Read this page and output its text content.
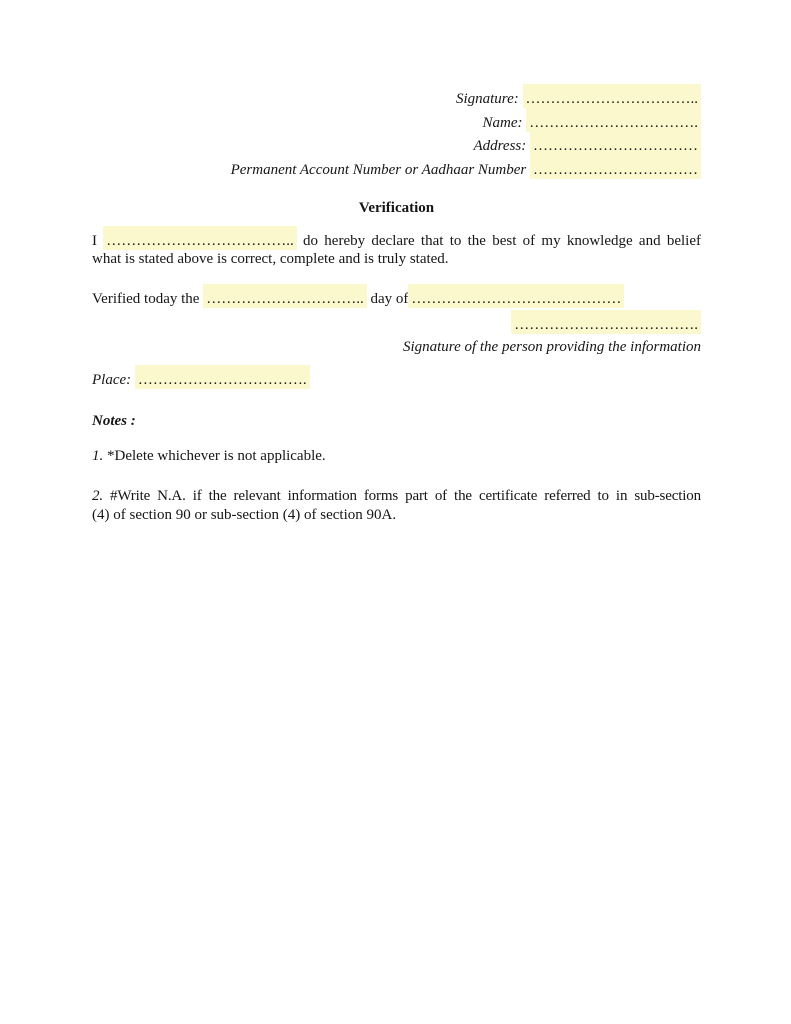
Signature: ……………………………..
Name: …………………………….
Address: ……………………………
Permanent Account Number or Aadhaar Number ……………………………
Verification
I ……………………………….. do hereby declare that to the best of my knowledge and belief
what is stated above is correct, complete and is truly stated.
Verified today the ………………………….. day of ……………………………………
……………………………….
Signature of the person providing the information
Place: …………………………….
Notes :
1. *Delete whichever is not applicable.
2. #Write N.A. if the relevant information forms part of the certificate referred to in sub-section
(4) of section 90 or sub-section (4) of section 90A.
